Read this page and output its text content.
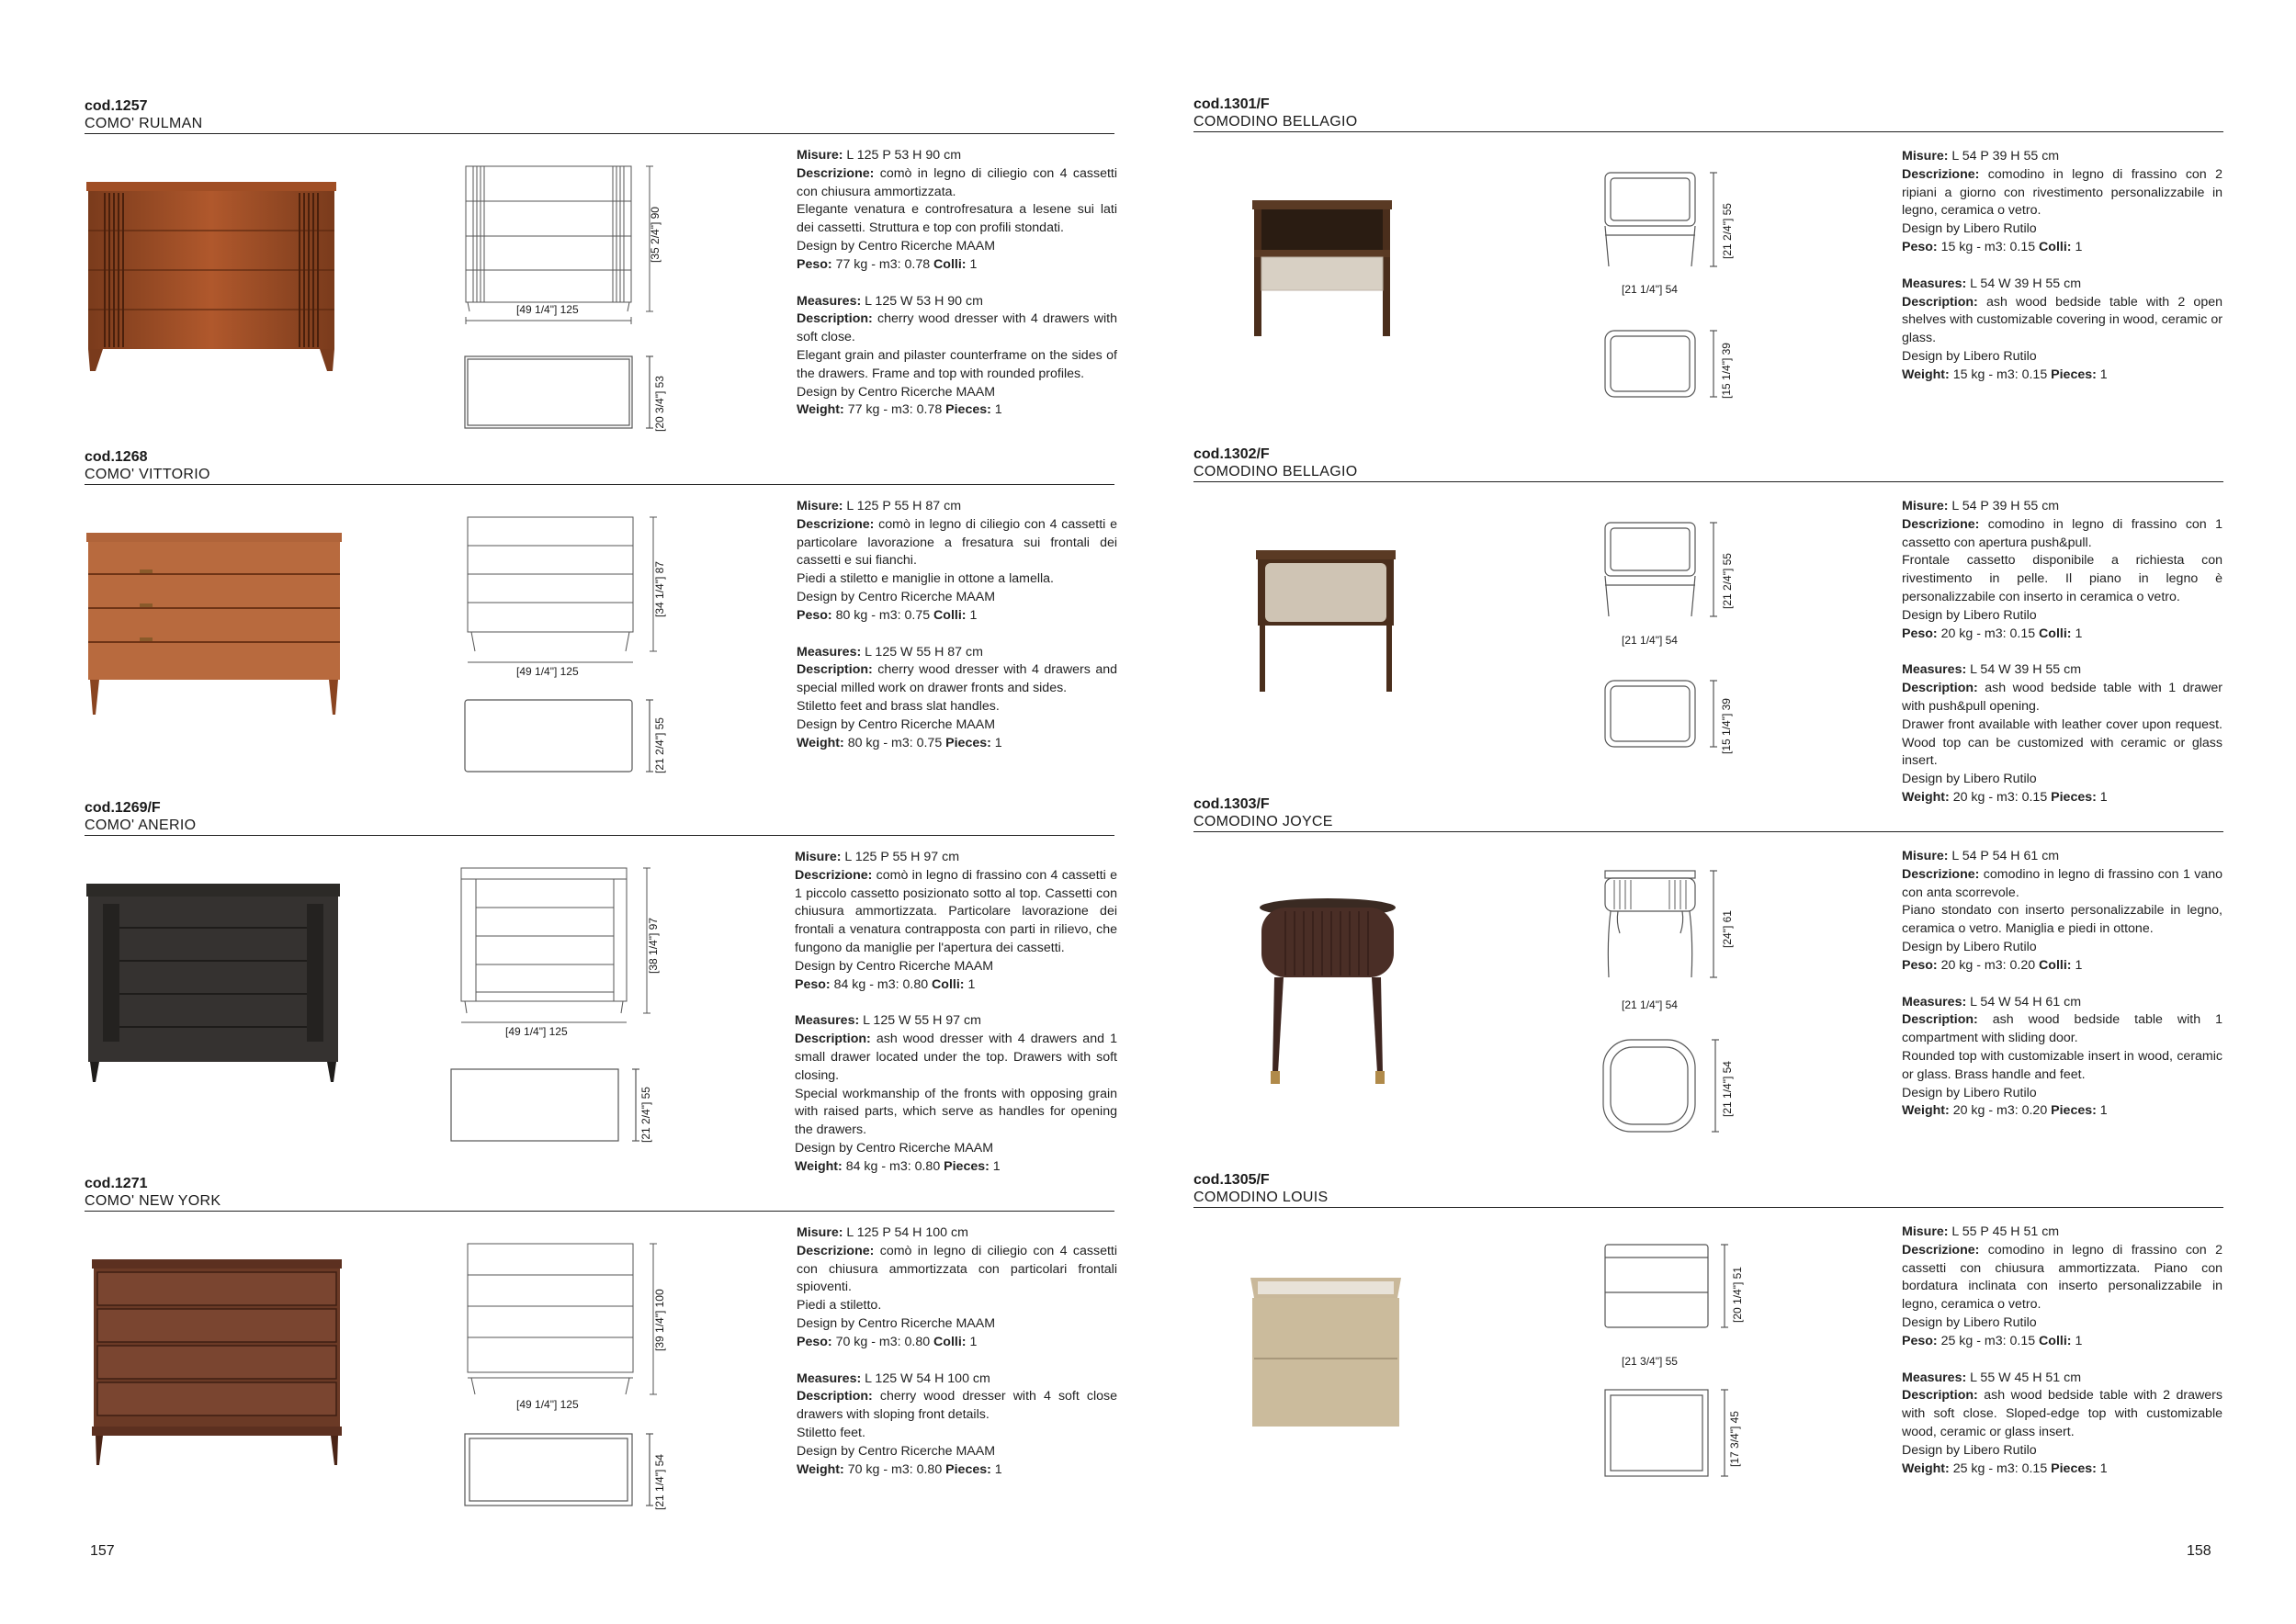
cod.1257
COMO' RULMAN
[49 1/4"] 125
[35 2/4"] 90
[20 3/4"] 53

Misure: L 125 P 53 H 90 cm

Descrizione: comò in legno di ciliegio con 4 cassetti con chiusura ammortizzata.

Elegante venatura e controfresatura a lesene sui lati dei cassetti. Struttura e top con profili stondati.

Design by Centro Ricerche MAAM

Peso: 77 kg - m3: 0.78 Colli: 1

Measures: L 125 W 53 H 90 cm

Description: cherry wood dresser with 4 drawers with soft close.

Elegant grain and pilaster counterframe on the sides of the drawers. Frame and top with rounded profiles.

Design by Centro Ricerche MAAM

Weight: 77 kg - m3: 0.78 Pieces: 1

cod.1268
COMO' VITTORIO
[49 1/4"] 125
[34 1/4"] 87
[21 2/4"] 55

Misure: L 125 P 55 H 87 cm

Descrizione: comò in legno di ciliegio con 4 cassetti e particolare lavorazione a fresatura sui frontali dei cassetti e sui fianchi.

Piedi a stiletto e maniglie in ottone a lamella.

Design by Centro Ricerche MAAM

Peso: 80 kg - m3: 0.75 Colli: 1

Measures: L 125 W 55 H 87 cm

Description: cherry wood dresser with 4 drawers and special milled work on drawer fronts and sides.

Stiletto feet and brass slat handles.

Design by Centro Ricerche MAAM

Weight: 80 kg - m3: 0.75 Pieces: 1

cod.1269/F
COMO' ANERIO
[49 1/4"] 125
[38 1/4"] 97
[21 2/4"] 55

Misure: L 125 P 55 H 97 cm

Descrizione: comò in legno di frassino con 4 cassetti e 1 piccolo cassetto posizionato sotto al top. Cassetti con chiusura ammortizzata. Particolare lavorazione dei frontali a venatura contrapposta con parti in rilievo, che fungono da maniglie per l'apertura dei cassetti.

Design by Centro Ricerche MAAM

Peso: 84 kg - m3: 0.80 Colli: 1

Measures: L 125 W 55 H 97 cm

Description: ash wood dresser with 4 drawers and 1 small drawer located under the top. Drawers with soft closing.

Special workmanship of the fronts with opposing grain with raised parts, which serve as handles for opening the drawers.

Design by Centro Ricerche MAAM

Weight: 84 kg - m3: 0.80 Pieces: 1

cod.1271
COMO' NEW YORK
[49 1/4"] 125
[39 1/4"] 100
[21 1/4"] 54

Misure: L 125 P 54 H 100 cm

Descrizione: comò in legno di ciliegio con 4 cassetti con chiusura ammortizzata con particolari frontali spioventi.

Piedi a stiletto.

Design by Centro Ricerche MAAM

Peso: 70 kg - m3: 0.80 Colli: 1

Measures: L 125 W 54 H 100 cm

Description: cherry wood dresser with 4 soft close drawers with sloping front details.

Stiletto feet.

Design by Centro Ricerche MAAM

Weight: 70 kg - m3: 0.80 Pieces: 1

157
cod.1301/F
COMODINO BELLAGIO
[21 1/4"] 54
[21 2/4"] 55
[15 1/4"] 39

Misure: L 54 P 39 H 55 cm

Descrizione: comodino in legno di frassino con 2 ripiani a giorno con rivestimento personalizzabile in legno, ceramica o vetro.

Design by Libero Rutilo

Peso: 15 kg - m3: 0.15 Colli: 1

Measures: L 54 W 39 H 55 cm

Description: ash wood bedside table with 2 open shelves with customizable covering in wood, ceramic or glass.

Design by Libero Rutilo

Weight: 15 kg - m3: 0.15 Pieces: 1

cod.1302/F
COMODINO BELLAGIO
[21 1/4"] 54
[21 2/4"] 55
[15 1/4"] 39

Misure: L 54 P 39 H 55 cm

Descrizione: comodino in legno di frassino con 1 cassetto con apertura push&pull.

Frontale cassetto disponibile a richiesta con rivestimento in pelle. Il piano in legno è personalizzabile con inserto in ceramica o vetro.

Design by Libero Rutilo

Peso: 20 kg - m3: 0.15 Colli: 1

Measures: L 54 W 39 H 55 cm

Description: ash wood bedside table with 1 drawer with push&pull opening.

Drawer front available with leather cover upon request. Wood top can be customized with ceramic or glass insert.

Design by Libero Rutilo

Weight: 20 kg - m3: 0.15 Pieces: 1

cod.1303/F
COMODINO JOYCE
[21 1/4"] 54
[24"] 61
[21 1/4"] 54

Misure: L 54 P 54 H 61 cm

Descrizione: comodino in legno di frassino con 1 vano con anta scorrevole.

Piano stondato con inserto personalizzabile in legno, ceramica o vetro. Maniglia e piedi in ottone.

Design by Libero Rutilo

Peso: 20 kg - m3: 0.20 Colli: 1

Measures: L 54 W 54 H 61 cm

Description: ash wood bedside table with 1 compartment with sliding door.

Rounded top with customizable insert in wood, ceramic or glass. Brass handle and feet.

Design by Libero Rutilo

Weight: 20 kg - m3: 0.20 Pieces: 1

cod.1305/F
COMODINO LOUIS
[21 3/4"] 55
[20 1/4"] 51
[17 3/4"] 45

Misure: L 55 P 45 H 51 cm

Descrizione: comodino in legno di frassino con 2 cassetti con chiusura ammortizzata. Piano con bordatura inclinata con inserto personalizzabile in legno, ceramica o vetro.

Design by Libero Rutilo

Peso: 25 kg - m3: 0.15 Colli: 1

Measures: L 55 W 45 H 51 cm

Description: ash wood bedside table with 2 drawers with soft close. Sloped-edge top with customizable wood, ceramic or glass insert.

Design by Libero Rutilo

Weight: 25 kg - m3: 0.15 Pieces: 1

158
